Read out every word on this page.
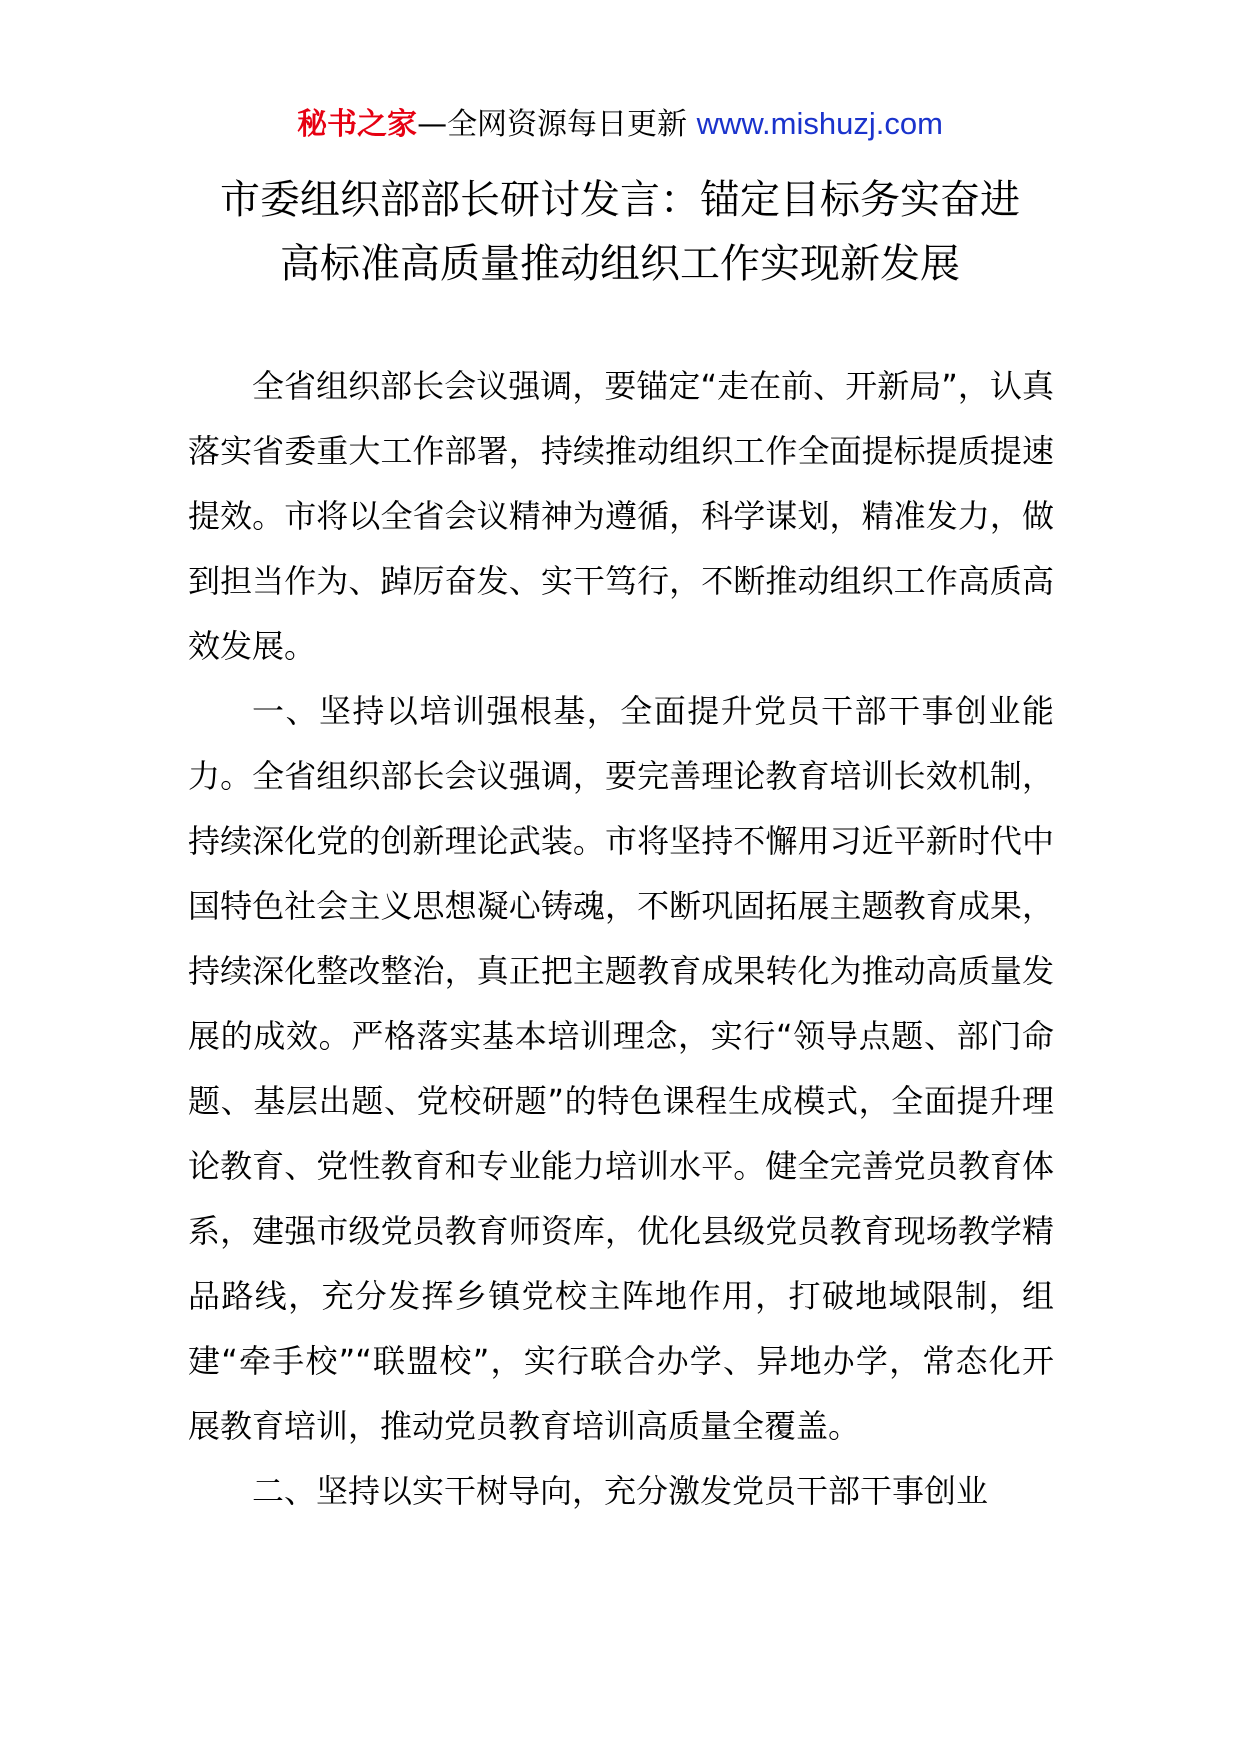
秘书之家—全网资源每日更新 www.mishuzj.com
市委组织部部长研讨发言：锚定目标务实奋进
高标准高质量推动组织工作实现新发展

全省组织部长会议强调，要锚定“走在前、开新局”，认真落实省委重大工作部署，持续推动组织工作全面提标提质提速提效。市将以全省会议精神为遵循，科学谋划，精准发力，做到担当作为、踔厉奋发、实干笃行，不断推动组织工作高质高效发展。

一、坚持以培训强根基，全面提升党员干部干事创业能力。全省组织部长会议强调，要完善理论教育培训长效机制，持续深化党的创新理论武装。市将坚持不懈用习近平新时代中国特色社会主义思想凝心铸魂，不断巩固拓展主题教育成果，持续深化整改整治，真正把主题教育成果转化为推动高质量发展的成效。严格落实基本培训理念，实行“领导点题、部门命题、基层出题、党校研题”的特色课程生成模式，全面提升理论教育、党性教育和专业能力培训水平。健全完善党员教育体系，建强市级党员教育师资库，优化县级党员教育现场教学精品路线，充分发挥乡镇党校主阵地作用，打破地域限制，组建“牵手校”“联盟校”，实行联合办学、异地办学，常态化开展教育培训，推动党员教育培训高质量全覆盖。

二、坚持以实干树导向，充分激发党员干部干事创业
